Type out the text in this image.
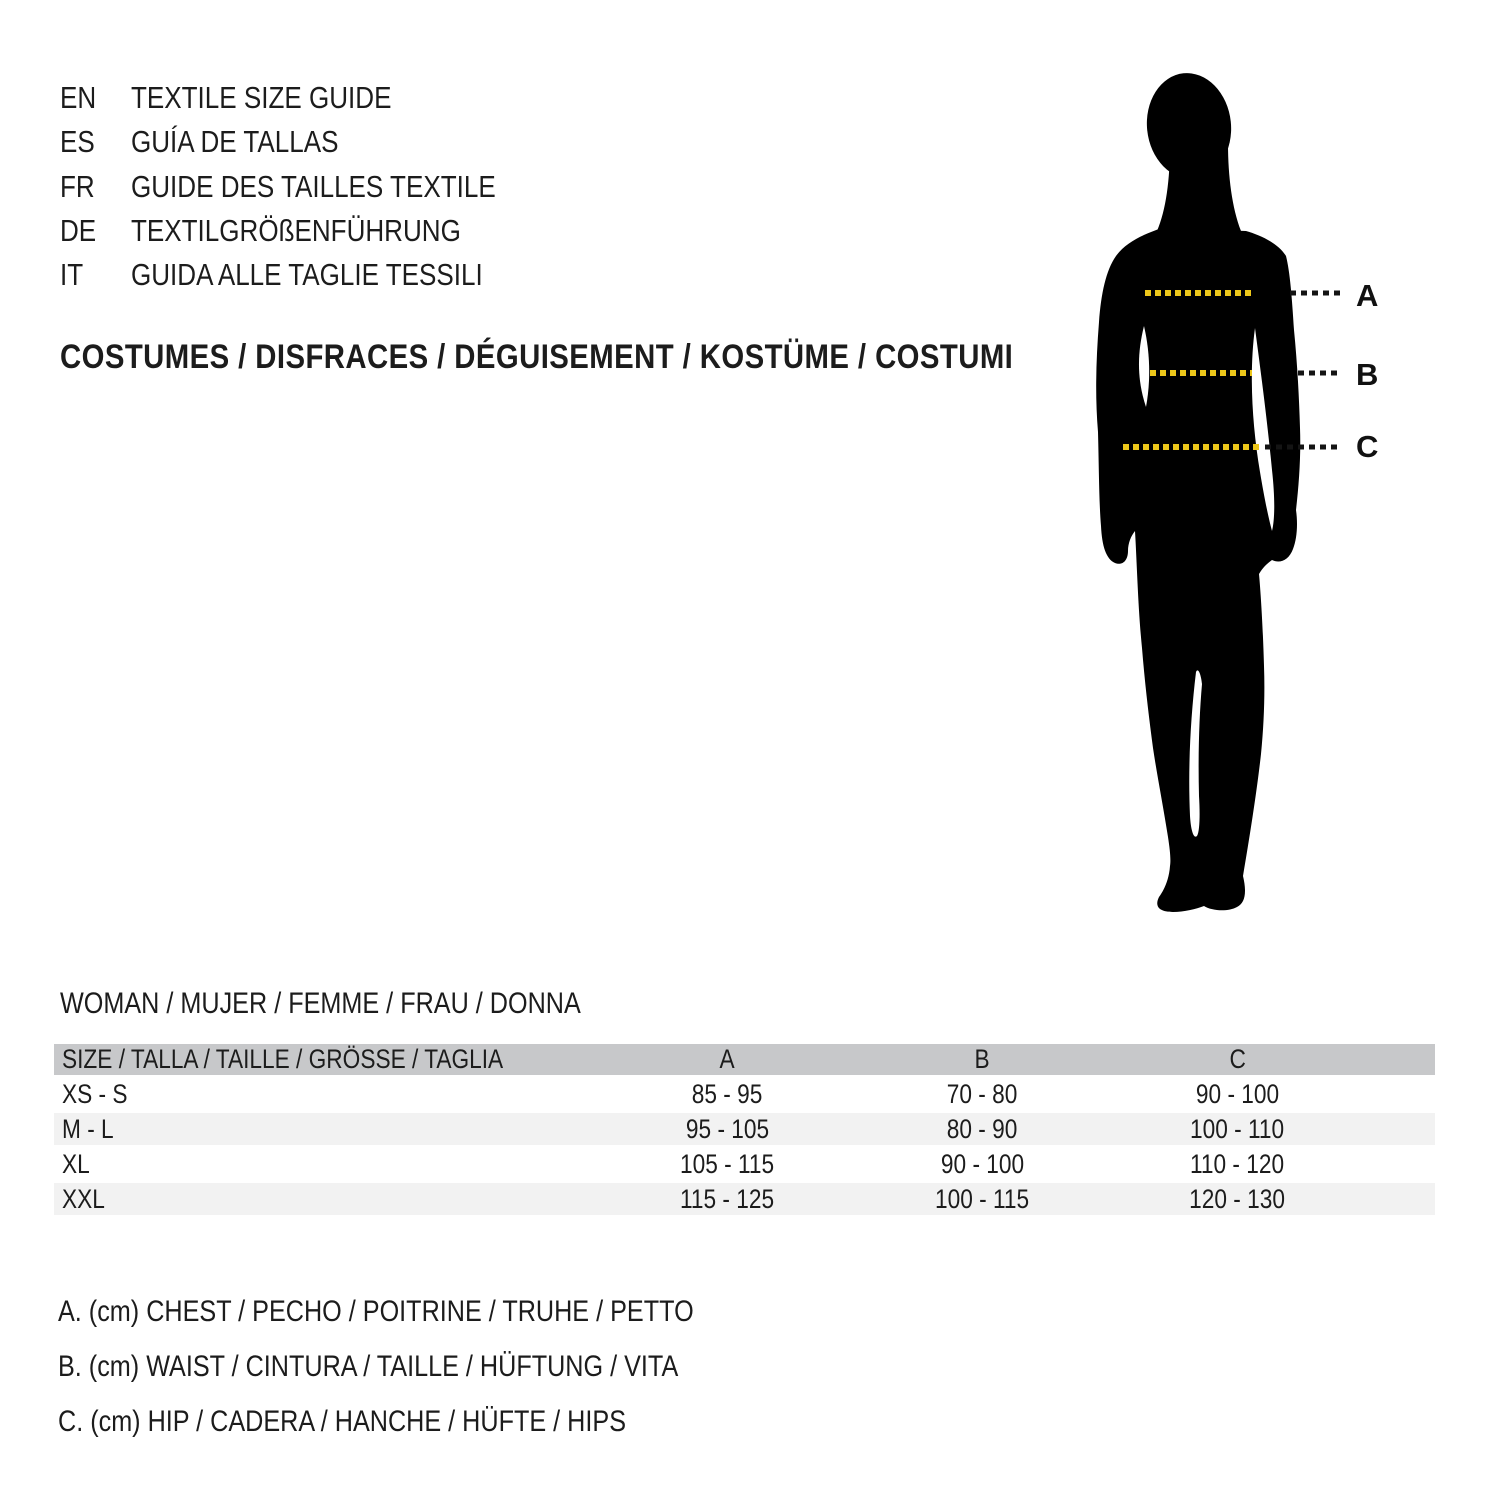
EN	TEXTILE SIZE GUIDE
ES	GUÍA DE TALLAS
FR	GUIDE DES TAILLES TEXTILE
DE	TEXTILGRÖßENFÜHRUNG
IT	GUIDA ALLE TAGLIE TESSILI
COSTUMES / DISFRACES / DÉGUISEMENT / KOSTÜME / COSTUMI
A
B
C
WOMAN / MUJER / FEMME / FRAU / DONNA
SIZE / TALLA / TAILLE / GRÖSSE / TAGLIA	A	B	C
XS - S	85 - 95	70 - 80	90 - 100
M - L	95 - 105	80 - 90	100 - 110
XL	105 - 115	90 - 100	110 - 120
XXL	115 - 125	100 - 115	120 - 130
A. (cm) CHEST / PECHO / POITRINE / TRUHE / PETTO
B. (cm) WAIST / CINTURA / TAILLE / HÜFTUNG / VITA
C. (cm) HIP / CADERA / HANCHE / HÜFTE / HIPS
